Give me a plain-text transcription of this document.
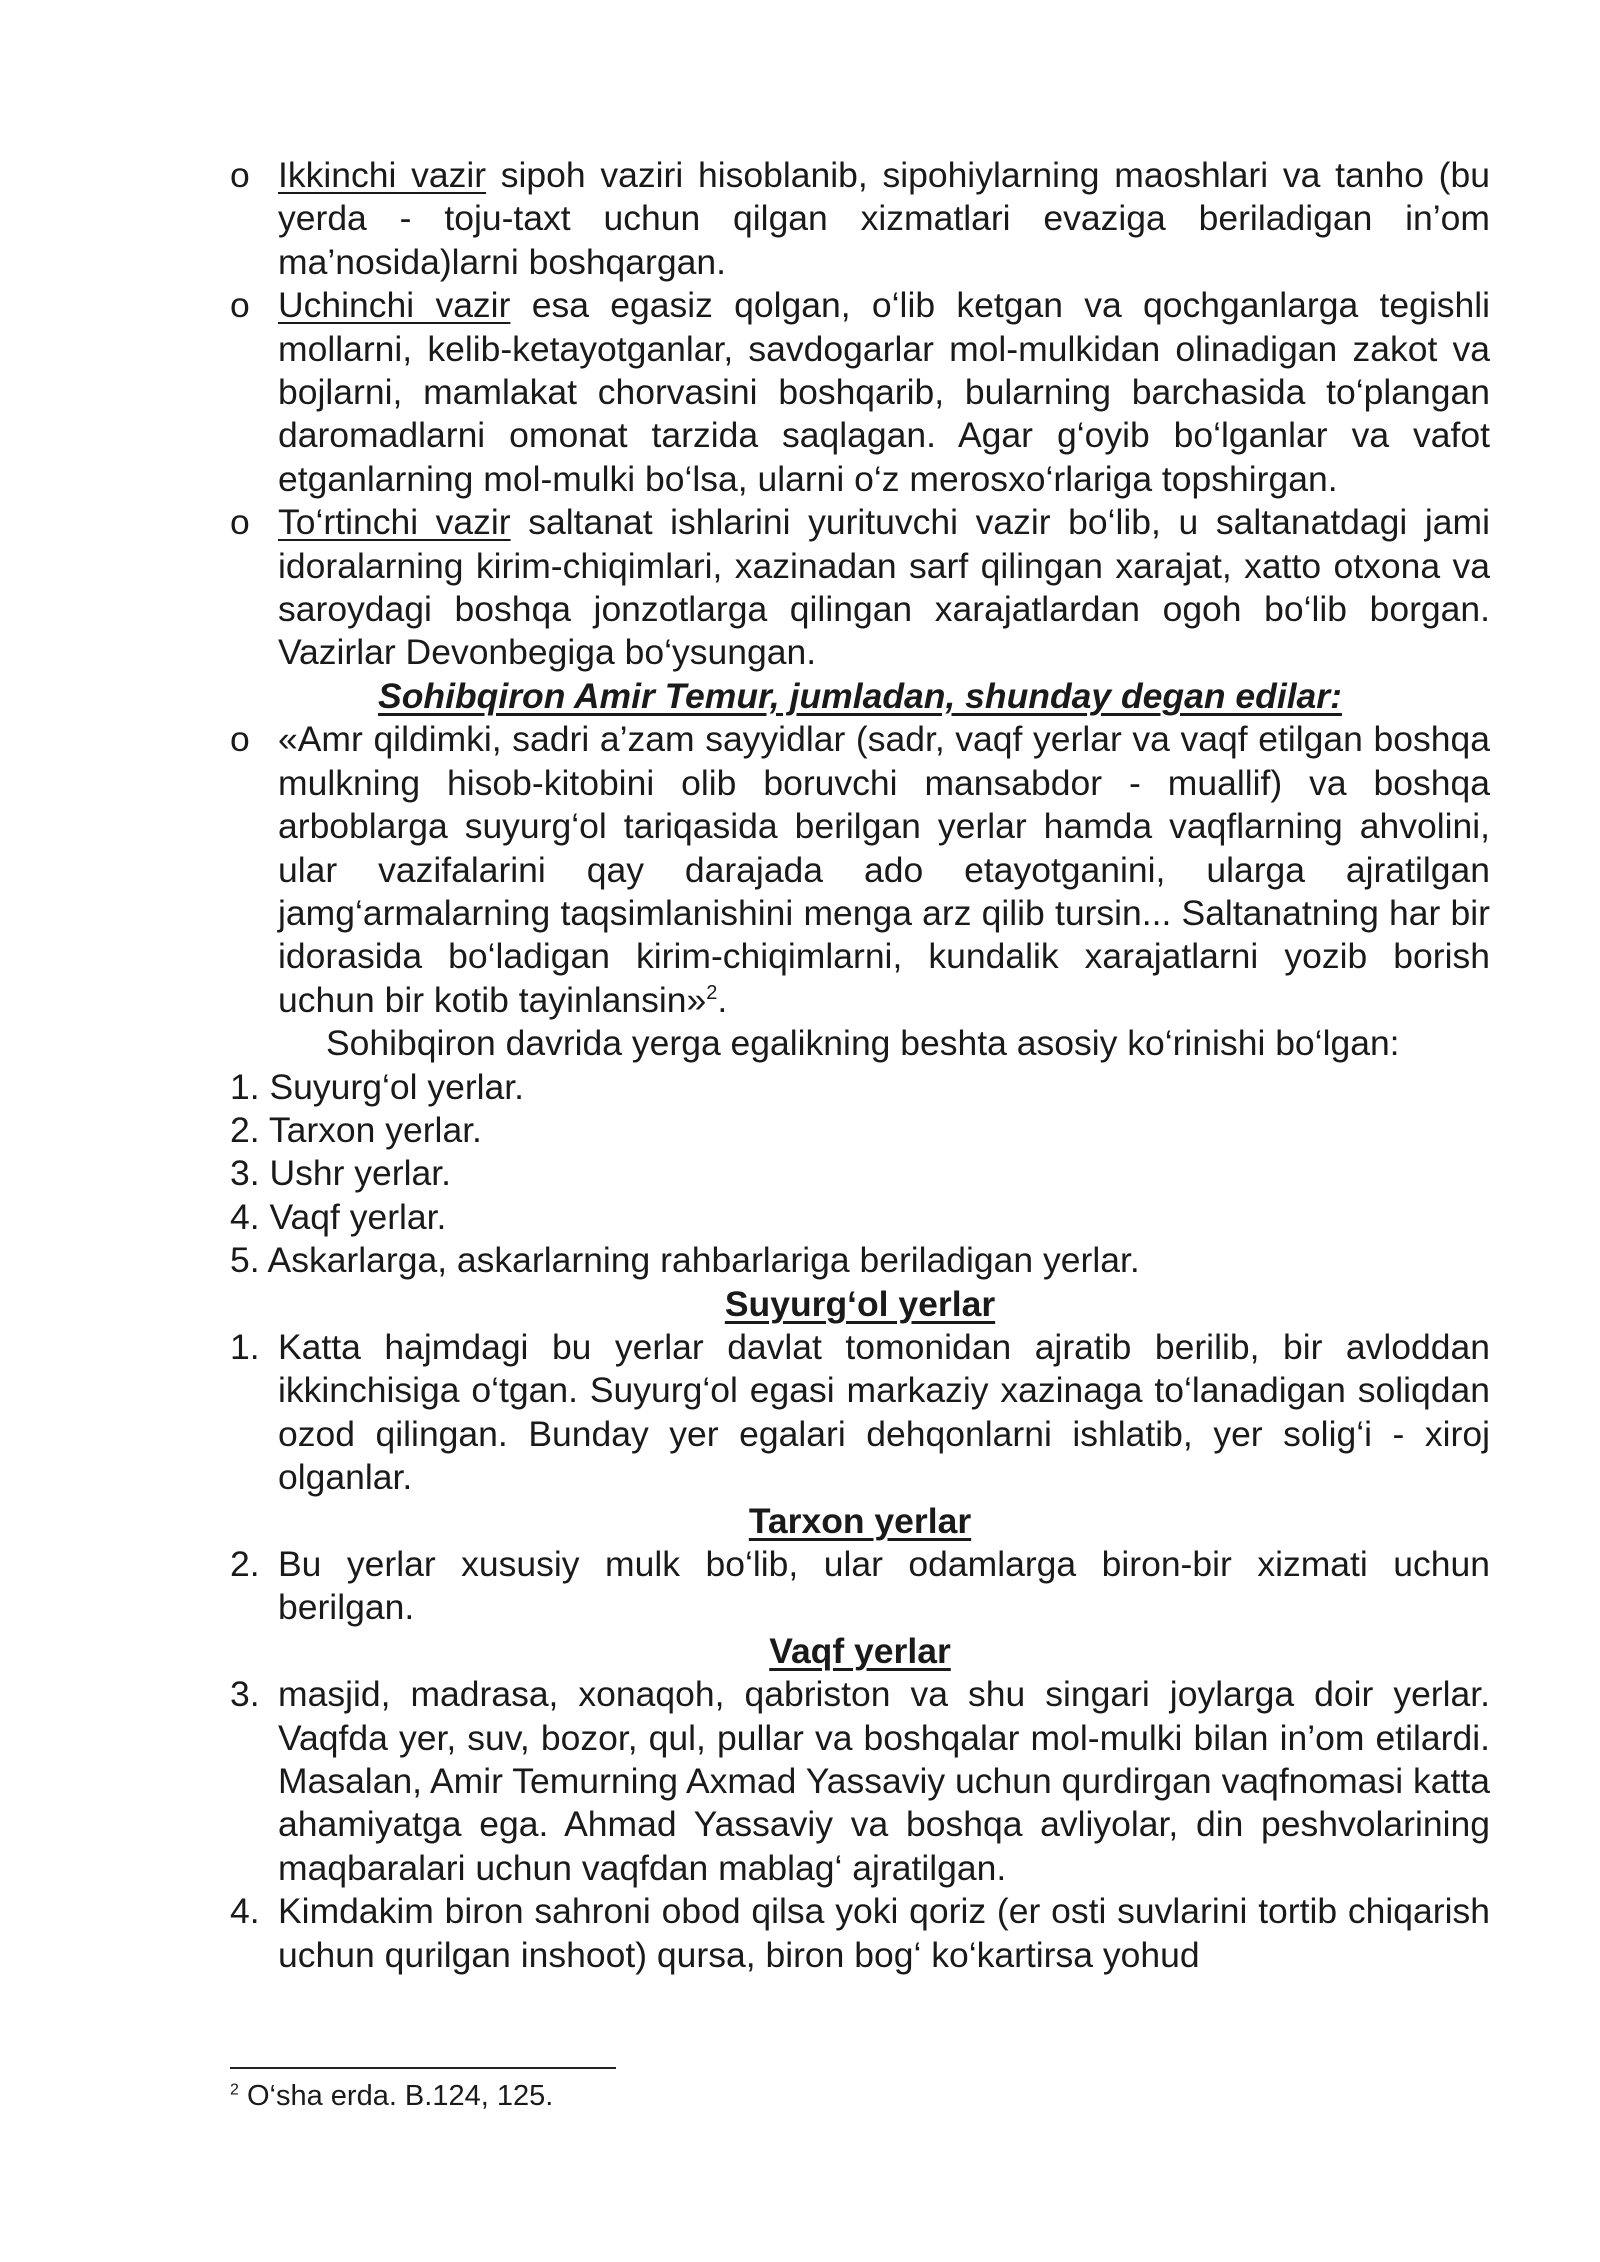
o Ikkinchi vazir sipoh vaziri hisoblanib, sipohiylarning maoshlari va tanho (bu yerda - toju-taxt uchun qilgan xizmatlari evaziga beriladigan in’om ma’nosida)larni boshqargan.

o Uchinchi vazir esa egasiz qolgan, o‘lib ketgan va qochganlarga tegishli mollarni, kelib-ketayotganlar, savdogarlar mol-mulkidan olinadigan zakot va bojlarni, mamlakat chorvasini boshqarib, bularning barchasida to‘plangan daromadlarni omonat tarzida saqlagan. Agar g‘oyib bo‘lganlar va vafot etganlarning mol-mulki bo‘lsa, ularni o‘z merosxo‘rlariga topshirgan.

o To‘rtinchi vazir saltanat ishlarini yurituvchi vazir bo‘lib, u saltanatdagi jami idoralarning kirim-chiqimlari, xazinadan sarf qilingan xarajat, xatto otxona va saroydagi boshqa jonzotlarga qilingan xarajatlardan ogoh bo‘lib borgan. Vazirlar Devonbegiga bo‘ysungan.

Sohibqiron Amir Temur, jumladan, shunday degan edilar:

o «Amr qildimki, sadri a’zam sayyidlar (sadr, vaqf yerlar va vaqf etilgan boshqa mulkning hisob-kitobini olib boruvchi mansabdor - muallif) va boshqa arboblarga suyurg‘ol tariqasida berilgan yerlar hamda vaqflarning ahvolini, ular vazifalarini qay darajada ado etayotganini, ularga ajratilgan jamg‘armalarning taqsimlanishini menga arz qilib tursin... Saltanatning har bir idorasida bo‘ladigan kirim-chiqimlarni, kundalik xarajatlarni yozib borish uchun bir kotib tayinlansin»$^2$.

Sohibqiron davrida yerga egalikning beshta asosiy ko‘rinishi bo‘lgan:

1. Suyurg‘ol yerlar.

2. Tarxon yerlar.

3. Ushr yerlar.

4. Vaqf yerlar.

5. Askarlarga, askarlarning rahbarlariga beriladigan yerlar.

Suyurg‘ol yerlar

1. Katta hajmdagi bu yerlar davlat tomonidan ajratib berilib, bir avloddan ikkinchisiga o‘tgan. Suyurg‘ol egasi markaziy xazinaga to‘lanadigan soliqdan ozod qilingan. Bunday yer egalari dehqonlarni ishlatib, yer solig‘i - xiroj olganlar.

Tarxon yerlar

2. Bu yerlar xususiy mulk bo‘lib, ular odamlarga biron-bir xizmati uchun berilgan.

Vaqf yerlar

3. masjid, madrasa, xonaqoh, qabriston va shu singari joylarga doir yerlar. Vaqfda yer, suv, bozor, qul, pullar va boshqalar mol-mulki bilan in’om etilardi. Masalan, Amir Temurning Axmad Yassaviy uchun qurdirgan vaqfnomasi katta ahamiyatga ega. Ahmad Yassaviy va boshqa avliyolar, din peshvolarining maqbaralari uchun vaqfdan mablag‘ ajratilgan.

4. Kimdakim biron sahroni obod qilsa yoki qoriz (er osti suvlarini tortib chiqarish uchun qurilgan inshoot) qursa, biron bog‘ ko‘kartirsa yohud

$^2$ O‘sha erda. B.124, 125.
